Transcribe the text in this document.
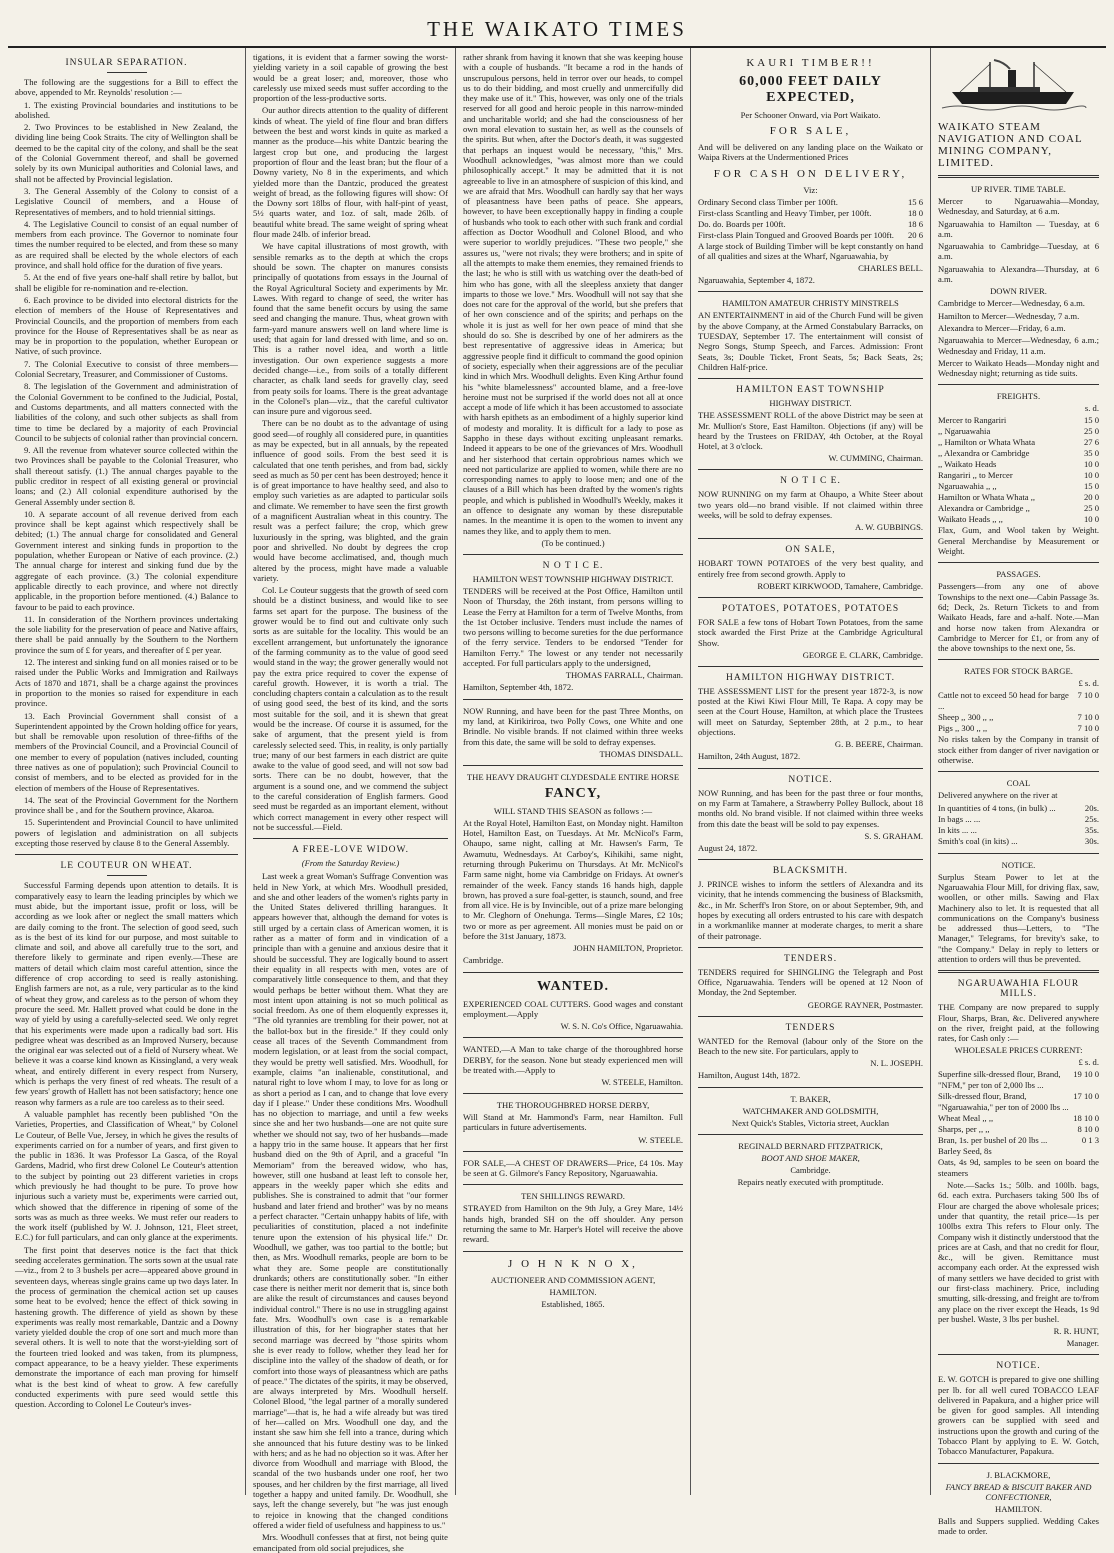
THE WAIKATO TIMES
INSULAR SEPARATION.

The following are the suggestions for a Bill to effect the above, appended to Mr. Reynolds' resolution :—

1. The existing Provincial boundaries and institutions to be abolished.

2. Two Provinces to be established in New Zealand, the dividing line being Cook Straits. The city of Wellington shall be deemed to be the capital city of the colony, and shall be the seat of the Colonial Government thereof, and shall be governed solely by its own Municipal authorities and Colonial laws, and shall not be affected by Provincial legislation.

3. The General Assembly of the Colony to consist of a Legislative Council of members, and a House of Representatives of members, and to hold triennial sittings.

4. The Legislative Council to consist of an equal number of members from each province. The Governor to nominate four times the number required to be elected, and from these so many as are required shall be elected by the whole electors of each province, and shall hold office for the duration of five years.

5. At the end of five years one-half shall retire by ballot, but shall be eligible for re-nomination and re-election.

6. Each province to be divided into electoral districts for the election of members of the House of Representatives and Provincial Councils, and the proportion of members from each province for the House of Representatives shall be as near as may be in proportion to the population, whether European or Native, of such province.

7. The Colonial Executive to consist of three members—Colonial Secretary, Treasurer, and Commissioner of Customs.

8. The legislation of the Government and administration of the Colonial Government to be confined to the Judicial, Postal, and Customs departments, and all matters connected with the liabilities of the colony, and such other subjects as shall from time to time be declared by a majority of each Provincial Council to be subjects of colonial rather than provincial concern.

9. All the revenue from whatever source collected within the two Provinces shall be payable to the Colonial Treasurer, who shall thereout satisfy. (1.) The annual charges payable to the public creditor in respect of all existing general or provincial loans; and (2.) All colonial expenditure authorised by the General Assembly under section 8.

10. A separate account of all revenue derived from each province shall be kept against which respectively shall be debited; (1.) The annual charge for consolidated and General Government interest and sinking funds in proportion to the population, whether European or Native of each province. (2.) The annual charge for interest and sinking fund due by the aggregate of each province. (3.) The colonial expenditure applicable directly to each province, and where not directly applicable, in the proportion before mentioned. (4.) Balance to favour to be paid to each province.

11. In consideration of the Northern provinces undertaking the sole liability for the preservation of peace and Native affairs, there shall be paid annually by the Southern to the Northern province the sum of £ for years, and thereafter of £ per year.

12. The interest and sinking fund on all monies raised or to be raised under the Public Works and Immigration and Railways Acts of 1870 and 1871, shall be a charge against the provinces in proportion to the monies so raised for expenditure in each province.

13. Each Provincial Government shall consist of a Superintendent appointed by the Crown holding office for years, but shall be removable upon resolution of three-fifths of the members of the Provincial Council, and a Provincial Council of one member to every of population (natives included, counting three natives as one of population); such Provincial Council to consist of members, and to be elected as provided for in the election of members of the House of Representatives.

14. The seat of the Provincial Government for the Northern province shall be , and for the Southern province, Akaroa.

15. Superintendent and Provincial Council to have unlimited powers of legislation and administration on all subjects excepting those reserved by clause 8 to the General Assembly.

LE COUTEUR ON WHEAT.

Successful Farming depends upon attention to details. It is comparatively easy to learn the leading principles by which we must abide, but the important issue, profit or loss, will be according as we look after or neglect the small matters which are daily coming to the front. The selection of good seed, such as is the best of its kind for our purpose, and most suitable to climate and soil, and above all carefully true to the sort, and therefore likely to germinate and ripen evenly.—These are matters of detail which claim most careful attention, since the difference of crop according to seed is really astonishing. English farmers are not, as a rule, very particular as to the kind of wheat they grow, and careless as to the person of whom they procure the seed. Mr. Hallett proved what could be done in the way of yield by using a carefully-selected seed. We only regret that his experiments were made upon a radically bad sort. His pedigree wheat was described as an Improved Nursery, because the original ear was selected out of a field of Nursery wheat. We believe it was a coarse kind known as Kissingland, a very weak wheat, and entirely different in every respect from Nursery, which is perhaps the very finest of red wheats. The result of a few years' growth of Hallett has not been satisfactory; hence one reason why farmers as a rule are too careless as to their seed.

A valuable pamphlet has recently been published "On the Varieties, Properties, and Classification of Wheat," by Colonel Le Couteur, of Belle Vue, Jersey, in which he gives the results of experiments carried on for a number of years, and first given to the public in 1836. It was Professor La Gasca, of the Royal Gardens, Madrid, who first drew Colonel Le Couteur's attention to the subject by pointing out 23 different varieties in crops which previously he had thought to be pure. To prove how injurious such a variety must be, experiments were carried out, which showed that the difference in ripening of some of the sorts was as much as three weeks. We must refer our readers to the work itself (published by W. J. Johnson, 121, Fleet street, E.C.) for full particulars, and can only glance at the experiments.

The first point that deserves notice is the fact that thick seeding accelerates germination. The sorts sown at the usual rate—viz., from 2 to 3 bushels per acre—appeared above ground in seventeen days, whereas single grains came up two days later. In the process of germination the chemical action set up causes some heat to be evolved; hence the effect of thick sowing in hastening growth. The difference of yield as shown by these experiments was really most remarkable, Dantzic and a Downy variety yielded double the crop of one sort and much more than several others. It is well to note that the worst-yielding sort of the fourteen tried looked and was taken, from its plumpness, compact appearance, to be a heavy yielder. These experiments demonstrate the importance of each man proving for himself what is the best kind of wheat to grow. A few carefully conducted experiments with pure seed would settle this question. According to Colonel Le Couteur's inves-

tigations, it is evident that a farmer sowing the worst-yielding variety in a soil capable of growing the best would be a great loser; and, moreover, those who carelessly use mixed seeds must suffer according to the proportion of the less-productive sorts.

Our author directs attention to the quality of different kinds of wheat. The yield of fine flour and bran differs between the best and worst kinds in quite as marked a manner as the produce—his white Dantzic bearing the largest crop but one, and producing the largest proportion of flour and the least bran; but the flour of a Downy variety, No 8 in the experiments, and which yielded more than the Dantzic, produced the greatest weight of bread, as the following figures will show: Of the Downy sort 18lbs of flour, with half-pint of yeast, 5½ quarts water, and 1oz. of salt, made 26lb. of beautiful white bread. The same weight of spring wheat flour made 24lb. of inferior bread.

We have capital illustrations of most growth, with sensible remarks as to the depth at which the crops should be sown. The chapter on manures consists principally of quotations from essays in the Journal of the Royal Agricultural Society and experiments by Mr. Lawes. With regard to change of seed, the writer has found that the same benefit occurs by using the same seed and changing the manure. Thus, wheat grown with farm-yard manure answers well on land where lime is used; that again for land dressed with lime, and so on. This is a rather novel idea, and worth a little investigation. Our own experience suggests a more decided change—i.e., from soils of a totally different character, as chalk land seeds for gravelly clay, seed from peaty soils for loams. There is the great advantage in the Colonel's plan—viz., that the careful cultivator can insure pure and vigorous seed.

There can be no doubt as to the advantage of using good seed—of roughly all considered pure, in quantities as may be expected, but in all annuals, by the repeated influence of good soils. From the best seed it is calculated that one tenth perishes, and from bad, sickly seed as much as 50 per cent has been destroyed; hence it is of great importance to have healthy seed, and also to employ such varieties as are adapted to particular soils and climate. We remember to have seen the first growth of a magnificent Australian wheat in this country. The result was a perfect failure; the crop, which grew luxuriously in the spring, was blighted, and the grain poor and shrivelled. No doubt by degrees the crop would have become acclimatised, and, though much altered by the process, might have made a valuable variety.

Col. Le Couteur suggests that the growth of seed corn should be a distinct business, and would like to see farms set apart for the purpose. The business of the grower would be to find out and cultivate only such sorts as are suitable for the locality. This would be an excellent arrangement, but unfortunately the ignorance of the farming community as to the value of good seed would stand in the way; the grower generally would not pay the extra price required to cover the expense of careful growth. However, it is worth a trial. The concluding chapters contain a calculation as to the result of using good seed, the best of its kind, and the sorts most suitable for the soil, and it is shewn that great would be the increase. Of course it is assumed, for the sake of argument, that the present yield is from carelessly selected seed. This, in reality, is only partially true; many of our best farmers in each district are quite awake to the value of good seed, and will not sow bad sorts. There can be no doubt, however, that the argument is a sound one, and we commend the subject to the careful consideration of English farmers. Good seed must be regarded as an important element, without which correct management in every other respect will not be successful.—Field.

A FREE-LOVE WIDOW.
(From the Saturday Review.)

Last week a great Woman's Suffrage Convention was held in New York, at which Mrs. Woodhull presided, and she and other leaders of the women's rights party in the United States delivered thrilling harangues. It appears however that, although the demand for votes is still urged by a certain class of American women, it is rather as a matter of form and in vindication of a principle than with a genuine and anxious desire that it should be successful. They are logically bound to assert their equality in all respects with men, votes are of comparatively little consequence to them, and that they would perhaps be better without them. What they are most intent upon attaining is not so much political as social freedom. As one of them eloquently expresses it, "The old tyrannies are trembling for their power, not at the ballot-box but in the fireside." If they could only cease all traces of the Seventh Commandment from modern legislation, or at least from the social compact, they would be pretty well satisfied. Mrs. Woodhull, for example, claims "an inalienable, constitutional, and natural right to love whom I may, to love for as long or as short a period as I can, and to change that love every day if I please." Under these conditions Mrs. Woodhull has no objection to marriage, and until a few weeks since she and her two husbands—one are not quite sure whether we should not say, two of her husbands—made a happy trio in the same house. It appears that her first husband died on the 9th of April, and a graceful "In Memoriam" from the bereaved widow, who has, however, still one husband at least left to console her, appears in the weekly paper which she edits and publishes. She is constrained to admit that "our former husband and later friend and brother" was by no means a perfect character. "Certain unhappy habits of life, with peculiarities of constitution, placed a not indefinite tenure upon the extension of his physical life." Dr. Woodhull, we gather, was too partial to the bottle; but then, as Mrs. Woodhull remarks, people are born to be what they are. Some people are constitutionally drunkards; others are constitutionally sober. "In either case there is neither merit nor demerit that is, since both are alike the result of circumstances and causes beyond individual control." There is no use in struggling against fate. Mrs. Woodhull's own case is a remarkable illustration of this, for her biographer states that her second marriage was decreed by "those spirits whom she is ever ready to follow, whether they lead her for discipline into the valley of the shadow of death, or for comfort into those ways of pleasantness which are paths of peace." The dictates of the spirits, it may be observed, are always interpreted by Mrs. Woodhull herself. Colonel Blood, "the legal partner of a morally sundered marriage"—that is, he had a wife already but was tired of her—called on Mrs. Woodhull one day, and the instant she saw him she fell into a trance, during which she announced that his future destiny was to be linked with hers; and as he had no objection so it was. After her divorce from Woodhull and marriage with Blood, the scandal of the two husbands under one roof, her two spouses, and her children by the first marriage, all lived together a happy and united family. Dr. Woodhull, she says, left the change severely, but "he was just enough to rejoice in knowing that the changed conditions offered a wider field of usefulness and happiness to us."

Mrs. Woodhull confesses that at first, not being quite emancipated from old social prejudices, she

rather shrank from having it known that she was keeping house with a couple of husbands. "It became a rod in the hands of unscrupulous persons, held in terror over our heads, to compel us to do their bidding, and most cruelly and unmercifully did they make use of it." This, however, was only one of the trials reserved for all good and heroic people in this narrow-minded and uncharitable world; and she had the consciousness of her own moral elevation to sustain her, as well as the counsels of the spirits. But when, after the Doctor's death, it was suggested that perhaps an inquest would be necessary, "this," Mrs. Woodhull acknowledges, "was almost more than we could philosophically accept." It may be admitted that it is not agreeable to live in an atmosphere of suspicion of this kind, and we are afraid that Mrs. Woodhull can hardly say that her ways of pleasantness have been paths of peace. She appears, however, to have been exceptionally happy in finding a couple of husbands who took to each other with such frank and cordial affection as Doctor Woodhull and Colonel Blood, and who were superior to worldly prejudices. "These two people," she assures us, "were not rivals; they were brothers; and in spite of all the attempts to make them enemies, they remained friends to the last; he who is still with us watching over the death-bed of him who has gone, with all the sleepless anxiety that danger imparts to those we love." Mrs. Woodhull will not say that she does not care for the approval of the world, but she prefers that of her own conscience and of the spirits; and perhaps on the whole it is just as well for her own peace of mind that she should do so. She is described by one of her admirers as the best representative of aggressive ideas in America; but aggressive people find it difficult to command the good opinion of society, especially when their aggressions are of the peculiar kind in which Mrs. Woodhull delights. Even King Arthur found his "white blamelessness" accounted blame, and a free-love heroine must not be surprised if the world does not all at once accept a mode of life which it has been accustomed to associate with harsh epithets as an embodiment of a highly superior kind of modesty and morality. It is difficult for a lady to pose as Sappho in these days without exciting unpleasant remarks. Indeed it appears to be one of the grievances of Mrs. Woodhull and her sisterhood that certain opprobrious names which we need not particularize are applied to women, while there are no corresponding names to apply to loose men; and one of the clauses of a Bill which has been drafted by the women's rights people, and which is published in Woodhull's Weekly, makes it an offence to designate any woman by these disreputable names. In the meantime it is open to the women to invent any names they like, and to apply them to men.

(To be continued.)
N O T I C E.
HAMILTON WEST TOWNSHIP HIGHWAY DISTRICT.

TENDERS will be received at the Post Office, Hamilton until Noon of Thursday, the 26th instant, from persons willing to Lease the Ferry at Hamilton for a term of Twelve Months, from the 1st October inclusive. Tenders must include the names of two persons willing to become sureties for the due performance of the ferry service. Tenders to be endorsed "Tender for Hamilton Ferry." The lowest or any tender not necessarily accepted. For full particulars apply to the undersigned,

THOMAS FARRALL, Chairman.

Hamilton, September 4th, 1872.

NOW Running, and have been for the past Three Months, on my land, at Kirikiriroa, two Polly Cows, one White and one Brindle. No visible brands. If not claimed within three weeks from this date, the same will be sold to defray expenses.

THOMAS DINSDALL.
THE HEAVY DRAUGHT CLYDESDALE ENTIRE HORSE
FANCY,
WILL STAND THIS SEASON as follows :—

At the Royal Hotel, Hamilton East, on Monday night. Hamilton Hotel, Hamilton East, on Tuesdays. At Mr. McNicol's Farm, Ohaupo, same night, calling at Mr. Hawsen's Farm, Te Awamutu, Wednesdays. At Carboy's, Kihikihi, same night, returning through Pukerimu on Thursdays. At Mr. McNicol's Farm same night, home via Cambridge on Fridays. At owner's remainder of the week. Fancy stands 16 hands high, dapple brown, has proved a sure foal-getter, is staunch, sound, and free from all vice. He is by Invincible, out of a prize mare belonging to Mr. Cleghorn of Onehunga. Terms—Single Mares, £2 10s; two or more as per agreement. All monies must be paid on or before the 31st January, 1873.

JOHN HAMILTON, Proprietor.

Cambridge.

WANTED.

EXPERIENCED COAL CUTTERS. Good wages and constant employment.—Apply

W. S. N. Co's Office, Ngaruawahia.

WANTED,—A Man to take charge of the thoroughbred horse DERBY, for the season. None but steady experienced men will be treated with.—Apply to

W. STEELE, Hamilton.
THE THOROUGHBRED HORSE DERBY,

Will Stand at Mr. Hammond's Farm, near Hamilton. Full particulars in future advertisements.

W. STEELE.

FOR SALE,—A CHEST OF DRAWERS—Price, £4 10s. May be seen at G. Gilmore's Fancy Repository, Ngaruawahia.

TEN SHILLINGS REWARD.

STRAYED from Hamilton on the 9th July, a Grey Mare, 14½ hands high, branded SH on the off shoulder. Any person returning the same to Mr. Harper's Hotel will receive the above reward.

J O H N K N O X,
AUCTIONEER AND COMMISSION AGENT,
HAMILTON.
Established, 1865.
KAURI TIMBER!!
60,000 FEET DAILY EXPECTED,
Per Schooner Onward, via Port Waikato.
FOR SALE,

And will be delivered on any landing place on the Waikato or Waipa Rivers at the Undermentioned Prices

FOR CASH ON DELIVERY,
Viz:
Ordinary Second class Timber per 100ft.	15 6
First-class Scantling and Heavy Timber, per 100ft.	18 0
Do. do. Boards per 100ft.	18 6
First-class Plain Tongued and Grooved Boards per 100ft.	20 6

A large stock of Building Timber will be kept constantly on hand of all qualities and sizes at the Wharf, Ngaruawahia, by

CHARLES BELL.

Ngaruawahia, September 4, 1872.

HAMILTON AMATEUR CHRISTY MINSTRELS

AN ENTERTAINMENT in aid of the Church Fund will be given by the above Company, at the Armed Constabulary Barracks, on TUESDAY, September 17. The entertainment will consist of Negro Songs, Stump Speech, and Farces. Admission: Front Seats, 3s; Double Ticket, Front Seats, 5s; Back Seats, 2s; Children Half-price.

HAMILTON EAST TOWNSHIP
HIGHWAY DISTRICT.

THE ASSESSMENT ROLL of the above District may be seen at Mr. Mullion's Store, East Hamilton. Objections (if any) will be heard by the Trustees on FRIDAY, 4th October, at the Royal Hotel, at 3 o'clock.

W. CUMMING, Chairman.
N O T I C E.

NOW RUNNING on my farm at Ohaupo, a White Steer about two years old—no brand visible. If not claimed within three weeks, will be sold to defray expenses.

A. W. GUBBINGS.
ON SALE,

HOBART TOWN POTATOES of the very best quality, and entirely free from second growth. Apply to

ROBERT KIRKWOOD, Tamahere, Cambridge.
POTATOES, POTATOES, POTATOES

FOR SALE a few tons of Hobart Town Potatoes, from the same stock awarded the First Prize at the Cambridge Agricultural Show.

GEORGE E. CLARK, Cambridge.
HAMILTON HIGHWAY DISTRICT.

THE ASSESSMENT LIST for the present year 1872-3, is now posted at the Kiwi Kiwi Flour Mill, Te Rapa. A copy may be seen at the Court House, Hamilton, at which place the Trustees will meet on Saturday, September 28th, at 2 p.m., to hear objections.

G. B. BEERE, Chairman.

Hamilton, 24th August, 1872.

NOTICE.

NOW Running, and has been for the past three or four months, on my Farm at Tamahere, a Strawberry Polley Bullock, about 18 months old. No brand visible. If not claimed within three weeks from this date the beast will be sold to pay expenses.

S. S. GRAHAM.

August 24, 1872.

BLACKSMITH.

J. PRINCE wishes to inform the settlers of Alexandra and its vicinity, that he intends commencing the business of Blacksmith, &c., in Mr. Scherff's Iron Store, on or about September, 9th, and hopes by executing all orders entrusted to his care with despatch in a workmanlike manner at moderate charges, to merit a share of their patronage.

TENDERS.

TENDERS required for SHINGLING the Telegraph and Post Office, Ngaruawahia. Tenders will be opened at 12 Noon of Monday, the 2nd September.

GEORGE RAYNER, Postmaster.
TENDERS

WANTED for the Removal (labour only of the Store on the Beach to the new site. For particulars, apply to

N. L. JOSEPH.

Hamilton, August 14th, 1872.

T. BAKER,
WATCHMAKER AND GOLDSMITH,
Next Quick's Stables, Victoria street, Aucklan
REGINALD BERNARD FITZPATRICK,
BOOT AND SHOE MAKER,
Cambridge.
Repairs neatly executed with promptitude.

WAIKATO STEAM NAVIGATION AND COAL MINING COMPANY, LIMITED.

UP RIVER. TIME TABLE.

Mercer to Ngaruawahia—Monday, Wednesday, and Saturday, at 6 a.m.

Ngaruawahia to Hamilton — Tuesday, at 6 a.m.

Ngaruawahia to Cambridge—Tuesday, at 6 a.m.

Ngaruawahia to Alexandra—Thursday, at 6 a.m.

DOWN RIVER.

Cambridge to Mercer—Wednesday, 6 a.m.

Hamilton to Mercer—Wednesday, 7 a.m.

Alexandra to Mercer—Friday, 6 a.m.

Ngaruawahia to Mercer—Wednesday, 6 a.m.; Wednesday and Friday, 11 a.m.

Mercer to Waikato Heads—Monday night and Wednesday night; returning as tide suits.

FREIGHTS.
s. d.
Mercer to Rangariri	15 0
,, Ngaruawahia	25 0
,, Hamilton or Whata Whata	27 6
,, Alexandra or Cambridge	35 0
,, Waikato Heads	10 0
Rangariri ,, to Mercer	10 0
Ngaruawahia ,, ,,	15 0
Hamilton or Whata Whata ,,	20 0
Alexandra or Cambridge ,,	25 0
Waikato Heads ,, ,,	10 0

Flax, Gum, and Wool taken by Weight. General Merchandise by Measurement or Weight.

PASSAGES.

Passengers—from any one of above Townships to the next one—Cabin Passage 3s. 6d; Deck, 2s. Return Tickets to and from Waikato Heads, fare and a-half. Note.—Man and horse now taken from Alexandra or Cambridge to Mercer for £1, or from any of the above townships to the next one, 5s.

RATES FOR STOCK BARGE.
£ s. d.
Cattle not to exceed 50 head for barge ...
7 10 0
Sheep ,, 300 ,, ,,	7 10 0
Pigs ,, 300 ,, ,,	7 10 0

No risks taken by the Company in transit of stock either from danger of river navigation or otherwise.

COAL

Delivered anywhere on the river at

In quantities of 4 tons, (in bulk) ...	20s.
In bags ... ...	25s.
In kits ... ...	35s.
Smith's coal (in kits) ...	30s.
NOTICE.

Surplus Steam Power to let at the Ngaruawahia Flour Mill, for driving flax, saw, woollen, or other mills. Sawing and Flax Machinery also to let. It is requested that all communications on the Company's business be addressed thus—Letters, to "The Manager," Telegrams, for brevity's sake, to "the Company." Delay in reply to letters or attention to orders will thus be prevented.

NGARUAWAHIA FLOUR MILLS.

THE Company are now prepared to supply Flour, Sharps, Bran, &c. Delivered anywhere on the river, freight paid, at the following rates, for Cash only :—

WHOLESALE PRICES CURRENT:
£ s. d.
Superfine silk-dressed flour, Brand, "NFM," per ton of 2,000 lbs ...
19 10 0
Silk-dressed flour, Brand, "Ngaruawahia," per ton of 2000 lbs ...
17 10 0
Wheat Meal ,, ,,	18 10 0
Sharps, per ,, ,,	8 10 0
Bran, 1s. per bushel of 20 lbs ...	0 1 3
Barley Seed, 8s

Oats, 4s 9d, samples to be seen on board the steamers

Note.—Sacks 1s.; 50lb. and 100lb. bags, 6d. each extra. Purchasers taking 500 lbs of Flour are charged the above wholesale prices; under that quantity, the retail price—1s per 100lbs extra This refers to Flour only. The Company wish it distinctly understood that the prices are at Cash, and that no credit for flour, &c., will be given. Remittance must accompany each order. At the expressed wish of many settlers we have decided to grist with our first-class machinery. Price, including smutting, silk-dressing, and freight are to/from any place on the river except the Heads, 1s 9d per bushel. Waste, 3 lbs per bushel.

R. R. HUNT,
Manager.
NOTICE.

E. W. GOTCH is prepared to give one shilling per lb. for all well cured TOBACCO LEAF delivered in Papakura, and a higher price will be given for good samples. All intending growers can be supplied with seed and instructions upon the growth and curing of the Tobacco Plant by applying to E. W. Gotch, Tobacco Manufacturer, Papakura.

J. BLACKMORE,
FANCY BREAD & BISCUIT BAKER AND CONFECTIONER,
HAMILTON.

Balls and Suppers supplied. Wedding Cakes made to order.
